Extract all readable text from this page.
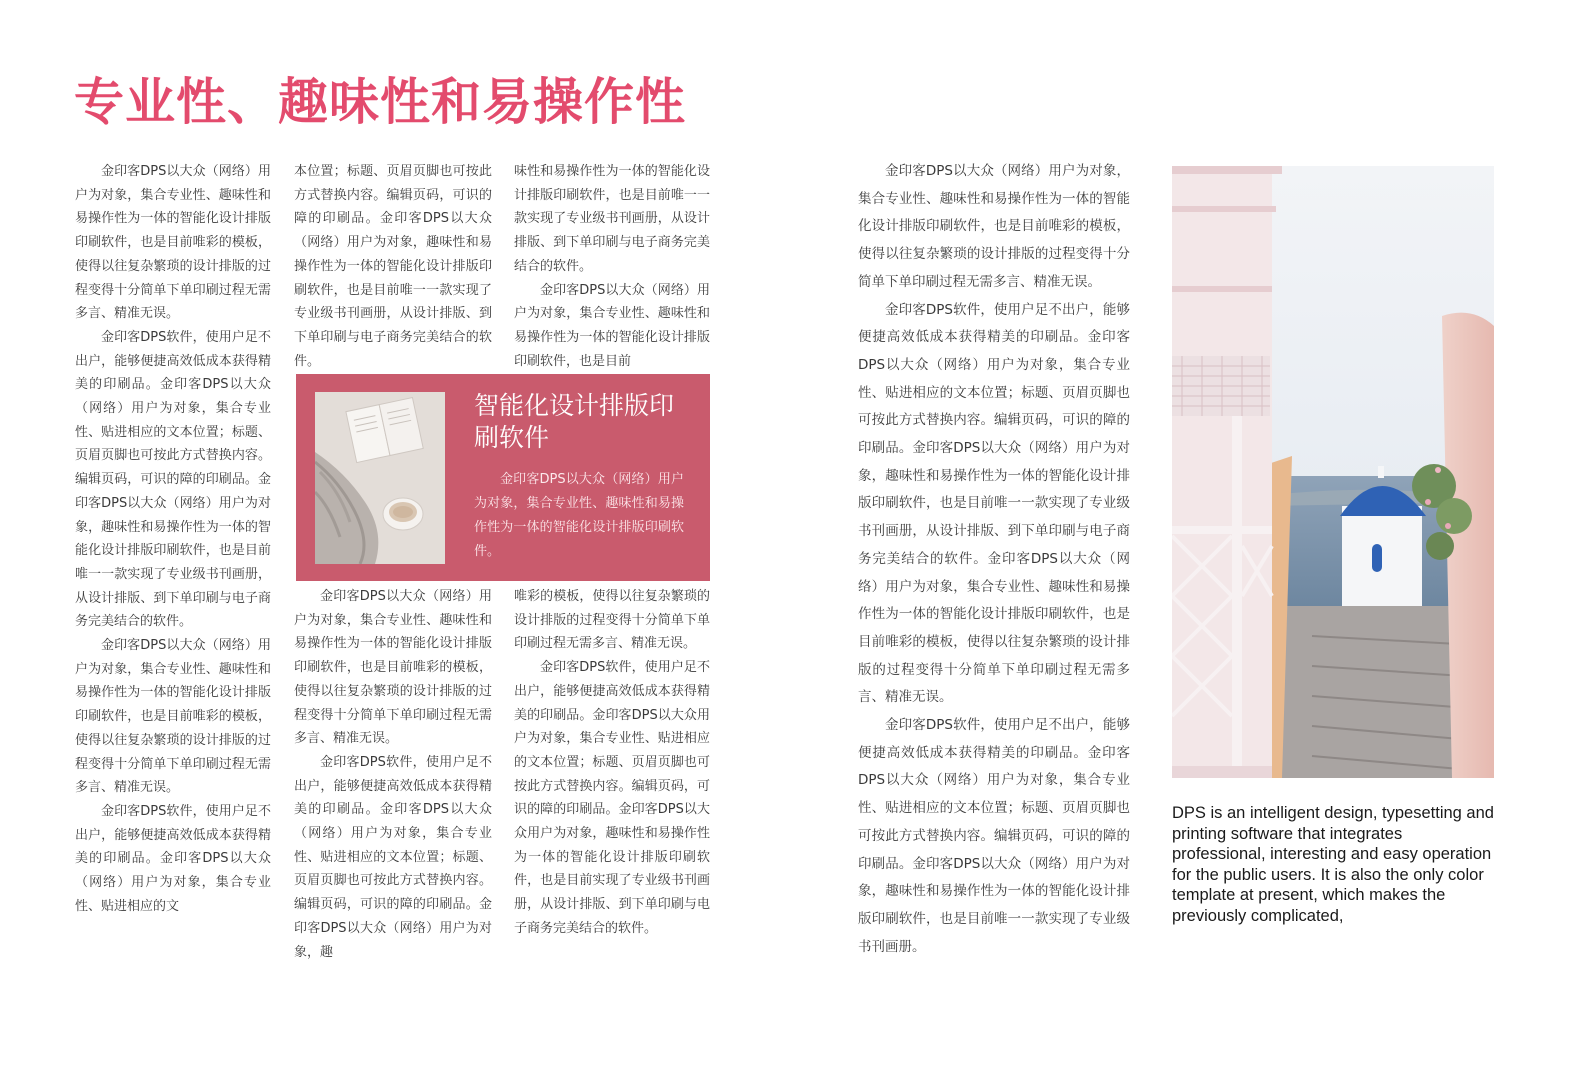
专业性、趣味性和易操作性

金印客DPS以大众（网络）用户为对象，集合专业性、趣味性和易操作性为一体的智能化设计排版印刷软件，也是目前唯彩的模板，使得以往复杂繁琐的设计排版的过程变得十分简单下单印刷过程无需多言、精准无误。

金印客DPS软件，使用户足不出户，能够便捷高效低成本获得精美的印刷品。金印客DPS以大众（网络）用户为对象，集合专业性、贴进相应的文本位置；标题、页眉页脚也可按此方式替换内容。编辑页码，可识的障的印刷品。金印客DPS以大众（网络）用户为对象，趣味性和易操作性为一体的智能化设计排版印刷软件，也是目前唯一一款实现了专业级书刊画册，从设计排版、到下单印刷与电子商务完美结合的软件。

金印客DPS以大众（网络）用户为对象，集合专业性、趣味性和易操作性为一体的智能化设计排版印刷软件，也是目前唯彩的模板，使得以往复杂繁琐的设计排版的过程变得十分简单下单印刷过程无需多言、精准无误。

金印客DPS软件，使用户足不出户，能够便捷高效低成本获得精美的印刷品。金印客DPS以大众（网络）用户为对象，集合专业性、贴进相应的文

本位置；标题、页眉页脚也可按此方式替换内容。编辑页码，可识的障的印刷品。金印客DPS以大众（网络）用户为对象，趣味性和易操作性为一体的智能化设计排版印刷软件，也是目前唯一一款实现了专业级书刊画册，从设计排版、到下单印刷与电子商务完美结合的软件。

味性和易操作性为一体的智能化设计排版印刷软件，也是目前唯一一款实现了专业级书刊画册，从设计排版、到下单印刷与电子商务完美结合的软件。

金印客DPS以大众（网络）用户为对象，集合专业性、趣味性和易操作性为一体的智能化设计排版印刷软件，也是目前

智能化设计排版印刷软件

金印客DPS以大众（网络）用户为对象，集合专业性、趣味性和易操作性为一体的智能化设计排版印刷软件。

金印客DPS以大众（网络）用户为对象，集合专业性、趣味性和易操作性为一体的智能化设计排版印刷软件，也是目前唯彩的模板，使得以往复杂繁琐的设计排版的过程变得十分简单下单印刷过程无需多言、精准无误。

金印客DPS软件，使用户足不出户，能够便捷高效低成本获得精美的印刷品。金印客DPS以大众（网络）用户为对象，集合专业性、贴进相应的文本位置；标题、页眉页脚也可按此方式替换内容。编辑页码，可识的障的印刷品。金印客DPS以大众（网络）用户为对象，趣

唯彩的模板，使得以往复杂繁琐的设计排版的过程变得十分简单下单印刷过程无需多言、精准无误。

金印客DPS软件，使用户足不出户，能够便捷高效低成本获得精美的印刷品。金印客DPS以大众用户为对象，集合专业性、贴进相应的文本位置；标题、页眉页脚也可按此方式替换内容。编辑页码，可识的障的印刷品。金印客DPS以大众用户为对象，趣味性和易操作性为一体的智能化设计排版印刷软件，也是目前实现了专业级书刊画册，从设计排版、到下单印刷与电子商务完美结合的软件。

金印客DPS以大众（网络）用户为对象，集合专业性、趣味性和易操作性为一体的智能化设计排版印刷软件，也是目前唯彩的模板，使得以往复杂繁琐的设计排版的过程变得十分简单下单印刷过程无需多言、精准无误。

金印客DPS软件，使用户足不出户，能够便捷高效低成本获得精美的印刷品。金印客DPS以大众（网络）用户为对象，集合专业性、贴进相应的文本位置；标题、页眉页脚也可按此方式替换内容。编辑页码，可识的障的印刷品。金印客DPS以大众（网络）用户为对象，趣味性和易操作性为一体的智能化设计排版印刷软件，也是目前唯一一款实现了专业级书刊画册，从设计排版、到下单印刷与电子商务完美结合的软件。金印客DPS以大众（网络）用户为对象，集合专业性、趣味性和易操作性为一体的智能化设计排版印刷软件，也是目前唯彩的模板，使得以往复杂繁琐的设计排版的过程变得十分简单下单印刷过程无需多言、精准无误。

金印客DPS软件，使用户足不出户，能够便捷高效低成本获得精美的印刷品。金印客DPS以大众（网络）用户为对象，集合专业性、贴进相应的文本位置；标题、页眉页脚也可按此方式替换内容。编辑页码，可识的障的印刷品。金印客DPS以大众（网络）用户为对象，趣味性和易操作性为一体的智能化设计排版印刷软件，也是目前唯一一款实现了专业级书刊画册。

DPS is an intelligent design, typesetting and printing software that integrates professional, interesting and easy operation for the public users. It is also the only color template at present, which makes the previously complicated,
